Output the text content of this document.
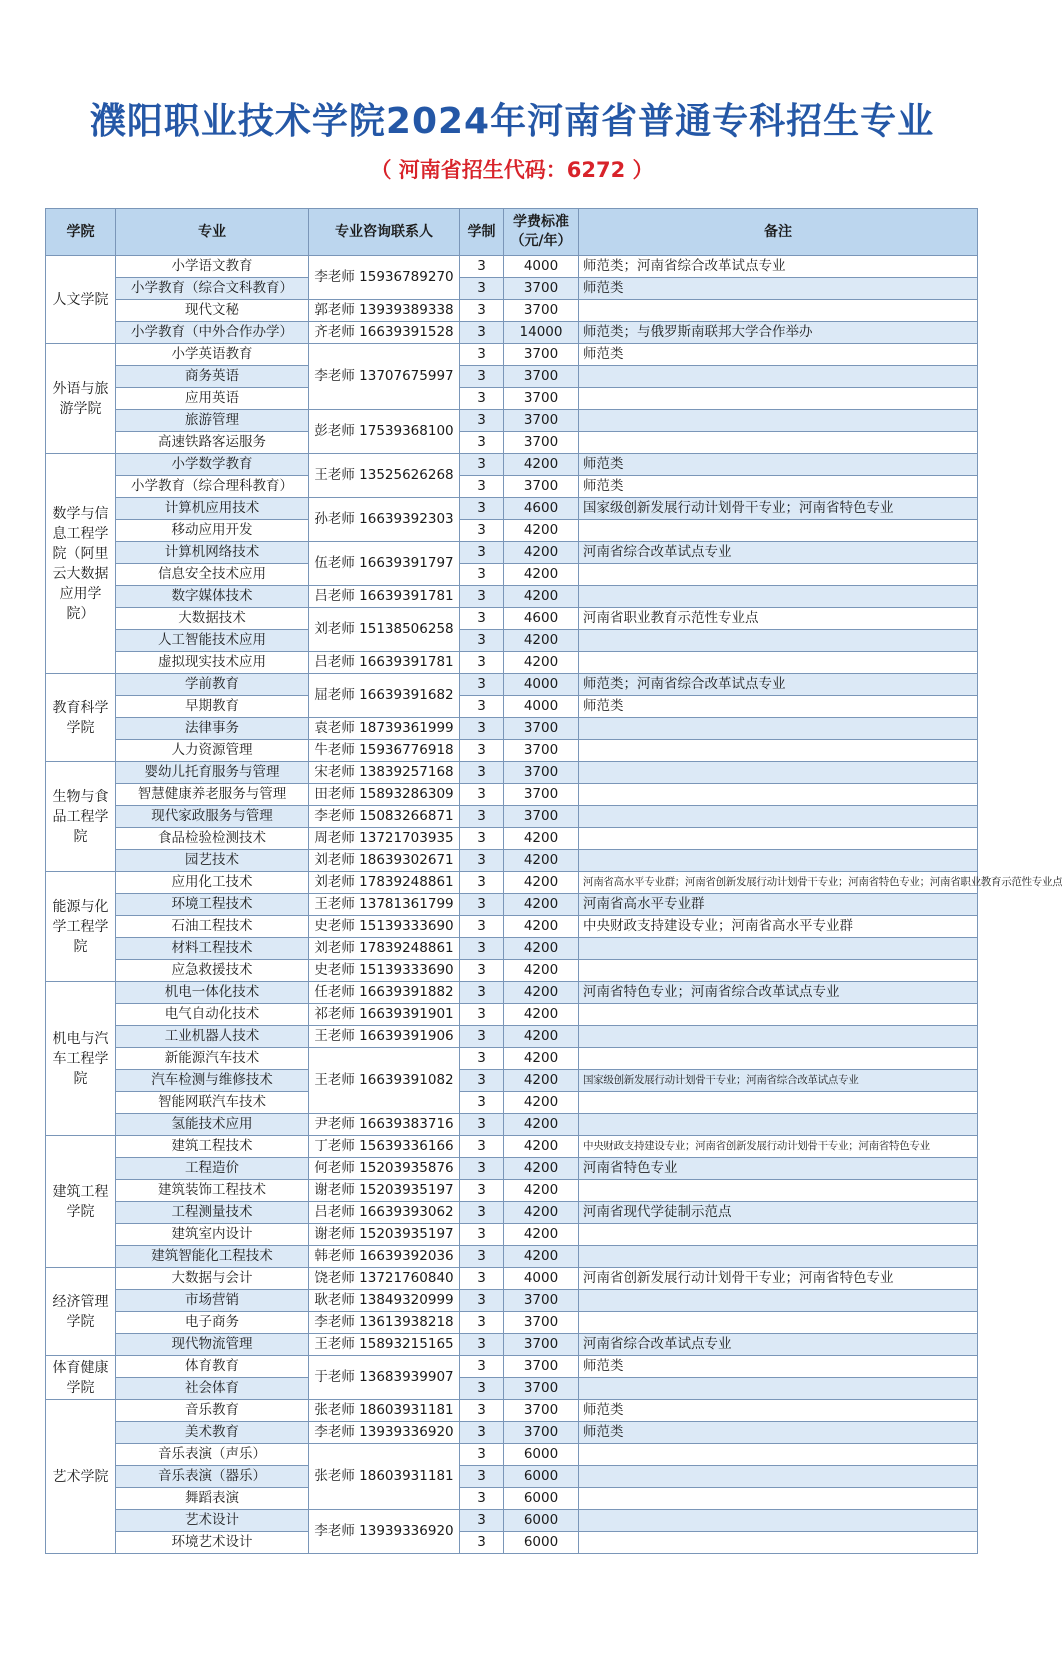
濮阳职业技术学院2024年河南省普通专科招生专业
（ 河南省招生代码：6272 ）
学院	专业	专业咨询联系人	学制	学费标准（元/年）	备注
人文学院	小学语文教育	李老师 15936789270	3	4000	师范类；河南省综合改革试点专业
	小学教育（综合文科教育）		3	3700	师范类
	现代文秘	郭老师 13939389338	3	3700	
	小学教育（中外合作办学）	齐老师 16639391528	3	14000	师范类；与俄罗斯南联邦大学合作举办
外语与旅游学院	小学英语教育	李老师 13707675997	3	3700	师范类
	商务英语		3	3700	
	应用英语		3	3700	
	旅游管理	彭老师 17539368100	3	3700	
	高速铁路客运服务		3	3700	
数学与信息工程学院（阿里云大数据应用学院）	小学数学教育	王老师 13525626268	3	4200	师范类
	小学教育（综合理科教育）		3	3700	师范类
	计算机应用技术	孙老师 16639392303	3	4600	国家级创新发展行动计划骨干专业；河南省特色专业
	移动应用开发		3	4200	
	计算机网络技术	伍老师 16639391797	3	4200	河南省综合改革试点专业
	信息安全技术应用		3	4200	
	数字媒体技术	吕老师 16639391781	3	4200	
	大数据技术	刘老师 15138506258	3	4600	河南省职业教育示范性专业点
	人工智能技术应用		3	4200	
	虚拟现实技术应用	吕老师 16639391781	3	4200	
教育科学学院	学前教育	屈老师 16639391682	3	4000	师范类；河南省综合改革试点专业
	早期教育		3	4000	师范类
	法律事务	袁老师 18739361999	3	3700	
	人力资源管理	牛老师 15936776918	3	3700	
生物与食品工程学院	婴幼儿托育服务与管理	宋老师 13839257168	3	3700	
	智慧健康养老服务与管理	田老师 15893286309	3	3700	
	现代家政服务与管理	李老师 15083266871	3	3700	
	食品检验检测技术	周老师 13721703935	3	4200	
	园艺技术	刘老师 18639302671	3	4200	
能源与化学工程学院	应用化工技术	刘老师 17839248861	3	4200	河南省高水平专业群；河南省创新发展行动计划骨干专业；河南省特色专业；河南省职业教育示范性专业点
	环境工程技术	王老师 13781361799	3	4200	河南省高水平专业群
	石油工程技术	史老师 15139333690	3	4200	中央财政支持建设专业；河南省高水平专业群
	材料工程技术	刘老师 17839248861	3	4200	
	应急救援技术	史老师 15139333690	3	4200	
机电与汽车工程学院	机电一体化技术	任老师 16639391882	3	4200	河南省特色专业；河南省综合改革试点专业
	电气自动化技术	祁老师 16639391901	3	4200	
	工业机器人技术	王老师 16639391906	3	4200	
	新能源汽车技术	王老师 16639391082	3	4200	
	汽车检测与维修技术		3	4200	国家级创新发展行动计划骨干专业；河南省综合改革试点专业
	智能网联汽车技术		3	4200	
	氢能技术应用	尹老师 16639383716	3	4200	
建筑工程学院	建筑工程技术	丁老师 15639336166	3	4200	中央财政支持建设专业；河南省创新发展行动计划骨干专业；河南省特色专业
	工程造价	何老师 15203935876	3	4200	河南省特色专业
	建筑装饰工程技术	谢老师 15203935197	3	4200	
	工程测量技术	吕老师 16639393062	3	4200	河南省现代学徒制示范点
	建筑室内设计	谢老师 15203935197	3	4200	
	建筑智能化工程技术	韩老师 16639392036	3	4200	
经济管理学院	大数据与会计	饶老师 13721760840	3	4000	河南省创新发展行动计划骨干专业；河南省特色专业
	市场营销	耿老师 13849320999	3	3700	
	电子商务	李老师 13613938218	3	3700	
	现代物流管理	王老师 15893215165	3	3700	河南省综合改革试点专业
体育健康学院	体育教育	于老师 13683939907	3	3700	师范类
	社会体育		3	3700	
艺术学院	音乐教育	张老师 18603931181	3	3700	师范类
	美术教育	李老师 13939336920	3	3700	师范类
	音乐表演（声乐）	张老师 18603931181	3	6000	
	音乐表演（器乐）		3	6000	
	舞蹈表演		3	6000	
	艺术设计	李老师 13939336920	3	6000	
	环境艺术设计		3	6000	
